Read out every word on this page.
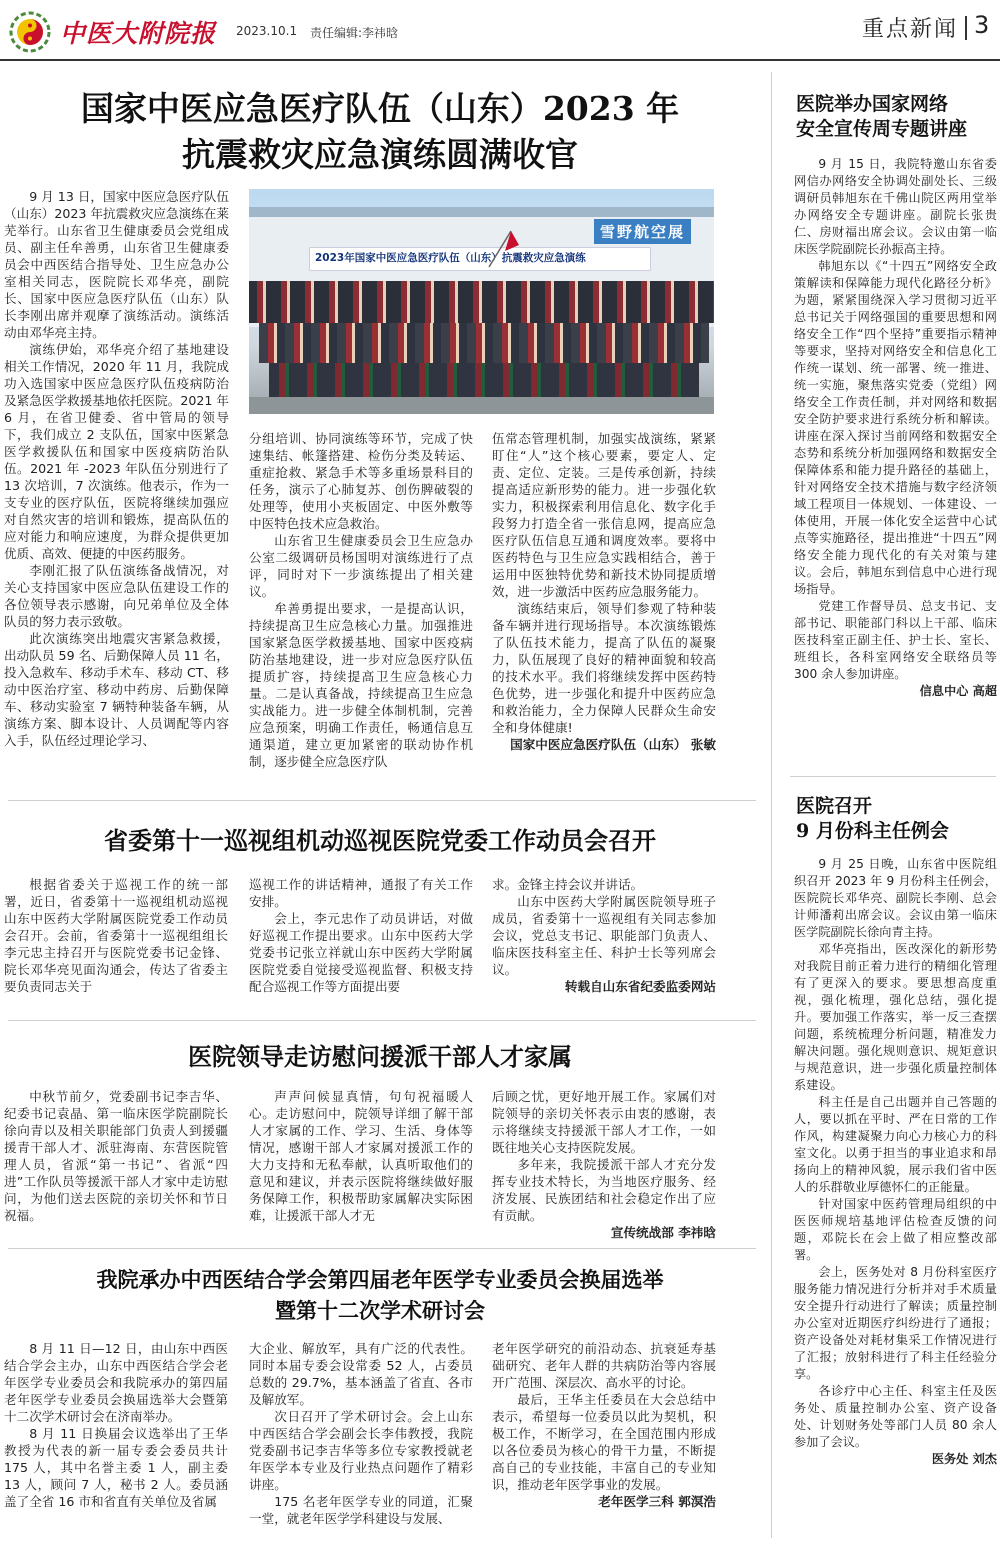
中医大附院报 2023.10.1 责任编辑:李祎晗	重点新闻 3
国家中医应急医疗队伍（山东）2023 年
抗震救灾应急演练圆满收官
雪野航空展
2023年国家中医应急医疗队伍（山东）抗震救灾应急演练

9 月 13 日，国家中医应急医疗队伍（山东）2023 年抗震救灾应急演练在莱芜举行。山东省卫生健康委员会党组成员、副主任牟善勇，山东省卫生健康委员会中西医结合指导处、卫生应急办公室相关同志，医院院长邓华亮，副院长、国家中医应急医疗队伍（山东）队长李刚出席并观摩了演练活动。演练活动由邓华亮主持。

演练伊始，邓华亮介绍了基地建设相关工作情况，2020 年 11 月，我院成功入选国家中医应急医疗队伍疫病防治及紧急医学救援基地依托医院。2021 年 6 月，在省卫健委、省中管局的领导下，我们成立 2 支队伍，国家中医紧急医学救援队伍和国家中医疫病防治队伍。2021 年 -2023 年队伍分别进行了 13 次培训，7 次演练。他表示，作为一支专业的医疗队伍，医院将继续加强应对自然灾害的培训和锻炼，提高队伍的应对能力和响应速度，为群众提供更加优质、高效、便捷的中医药服务。

李刚汇报了队伍演练备战情况，对关心支持国家中医应急队伍建设工作的各位领导表示感谢，向兄弟单位及全体队员的努力表示致敬。

此次演练突出地震灾害紧急救援，出动队员 59 名、后勤保障人员 11 名，投入急救车、移动手术车、移动 CT、移动中医治疗室、移动中药房、后勤保障车、移动实验室 7 辆特种装备车辆，从演练方案、脚本设计、人员调配等内容入手，队伍经过理论学习、

分组培训、协同演练等环节，完成了快速集结、帐篷搭建、检伤分类及转运、重症抢救、紧急手术等多重场景科目的任务，演示了心肺复苏、创伤脾破裂的处理等，使用小夹板固定、中医外敷等中医特色技术应急救治。

山东省卫生健康委员会卫生应急办公室二级调研员杨国明对演练进行了点评，同时对下一步演练提出了相关建议。

牟善勇提出要求，一是提高认识，持续提高卫生应急核心力量。加强推进国家紧急医学救援基地、国家中医疫病防治基地建设，进一步对应急医疗队伍提质扩容，持续提高卫生应急核心力量。二是认真备战，持续提高卫生应急实战能力。进一步健全体制机制，完善应急预案，明确工作责任，畅通信息互通渠道，建立更加紧密的联动协作机制，逐步健全应急医疗队

伍常态管理机制，加强实战演练，紧紧盯住“人”这个核心要素，要定人、定责、定位、定装。三是传承创新，持续提高适应新形势的能力。进一步强化软实力，积极探索利用信息化、数字化手段努力打造全省一张信息网，提高应急医疗队伍信息互通和调度效率。要将中医药特色与卫生应急实践相结合，善于运用中医独特优势和新技术协同提质增效，进一步激活中医药应急服务能力。

演练结束后，领导们参观了特种装备车辆并进行现场指导。本次演练锻炼了队伍技术能力，提高了队伍的凝聚力，队伍展现了良好的精神面貌和较高的技术水平。我们将继续发挥中医药特色优势，进一步强化和提升中医药应急和救治能力，全力保障人民群众生命安全和身体健康!

国家中医应急医疗队伍（山东） 张敏

省委第十一巡视组机动巡视医院党委工作动员会召开

根据省委关于巡视工作的统一部署，近日，省委第十一巡视组机动巡视山东中医药大学附属医院党委工作动员会召开。会前，省委第十一巡视组组长李元忠主持召开与医院党委书记金锋、院长邓华亮见面沟通会，传达了省委主要负责同志关于

巡视工作的讲话精神，通报了有关工作安排。

会上，李元忠作了动员讲话，对做好巡视工作提出要求。山东中医药大学党委书记张立祥就山东中医药大学附属医院党委自觉接受巡视监督、积极支持配合巡视工作等方面提出要

求。金锋主持会议并讲话。

山东中医药大学附属医院领导班子成员，省委第十一巡视组有关同志参加会议，党总支书记、职能部门负责人、临床医技科室主任、科护士长等列席会议。

转载自山东省纪委监委网站

医院领导走访慰问援派干部人才家属

中秋节前夕，党委副书记李吉华、纪委书记袁晶、第一临床医学院副院长徐向青以及相关职能部门负责人到援疆援青干部人才、派驻海南、东营医院管理人员，省派“第一书记”、省派“四进”工作队员等援派干部人才家中走访慰问，为他们送去医院的亲切关怀和节日祝福。

声声问候显真情，句句祝福暖人心。走访慰问中，院领导详细了解干部人才家属的工作、学习、生活、身体等情况，感谢干部人才家属对援派工作的大力支持和无私奉献，认真听取他们的意见和建议，并表示医院将继续做好服务保障工作，积极帮助家属解决实际困难，让援派干部人才无

后顾之忧，更好地开展工作。家属们对院领导的亲切关怀表示由衷的感谢，表示将继续支持援派干部人才工作，一如既往地关心支持医院发展。

多年来，我院援派干部人才充分发挥专业技术特长，为当地医疗服务、经济发展、民族团结和社会稳定作出了应有贡献。

宣传统战部 李祎晗

我院承办中西医结合学会第四届老年医学专业委员会换届选举
暨第十二次学术研讨会

8 月 11 日—12 日，由山东中西医结合学会主办，山东中西医结合学会老年医学专业委员会和我院承办的第四届老年医学专业委员会换届选举大会暨第十二次学术研讨会在济南举办。

8 月 11 日换届会议选举出了王华教授为代表的新一届专委会委员共计 175 人，其中名誉主委 1 人，副主委 13 人，顾问 7 人，秘书 2 人。委员涵盖了全省 16 市和省直有关单位及省属

大企业、解放军，具有广泛的代表性。同时本届专委会设常委 52 人，占委员总数的 29.7%，基本涵盖了省直、各市及解放军。

次日召开了学术研讨会。会上山东中西医结合学会副会长李伟教授，我院党委副书记李吉华等多位专家教授就老年医学本专业及行业热点问题作了精彩讲座。

175 名老年医学专业的同道，汇聚一堂，就老年医学学科建设与发展、

老年医学研究的前沿动态、抗衰延寿基础研究、老年人群的共病防治等内容展开广范围、深层次、高水平的讨论。

最后，王华主任委员在大会总结中表示，希望每一位委员以此为契机，积极工作，不断学习，在全国范围内形成以各位委员为核心的骨干力量，不断提高自己的专业技能，丰富自己的专业知识，推动老年医学事业的发展。

老年医学三科 郭溟浩

医院举办国家网络
安全宣传周专题讲座

9 月 15 日，我院特邀山东省委网信办网络安全协调处副处长、三级调研员韩旭东在千佛山院区两用堂举办网络安全专题讲座。副院长张贵仁、房财福出席会议。会议由第一临床医学院副院长孙振高主持。

韩旭东以《“十四五”网络安全政策解读和保障能力现代化路径分析》为题，紧紧围绕深入学习贯彻习近平总书记关于网络强国的重要思想和网络安全工作“四个坚持”重要指示精神等要求，坚持对网络安全和信息化工作统一谋划、统一部署、统一推进、统一实施，聚焦落实党委（党组）网络安全工作责任制，并对网络和数据安全防护要求进行系统分析和解读。讲座在深入探讨当前网络和数据安全态势和系统分析加强网络和数据安全保障体系和能力提升路径的基础上，针对网络安全技术措施与数字经济领域工程项目一体规划、一体建设、一体使用，开展一体化安全运营中心试点等实施路径，提出推进“十四五”网络安全能力现代化的有关对策与建议。会后，韩旭东到信息中心进行现场指导。

党建工作督导员、总支书记、支部书记、职能部门科以上干部、临床医技科室正副主任、护士长、室长、班组长，各科室网络安全联络员等 300 余人参加讲座。

信息中心 高超

医院召开
9 月份科主任例会

9 月 25 日晚，山东省中医院组织召开 2023 年 9 月份科主任例会，医院院长邓华亮、副院长李刚、总会计师潘莉出席会议。会议由第一临床医学院副院长徐向青主持。

邓华亮指出，医改深化的新形势对我院目前正着力进行的精细化管理有了更深入的要求。要思想高度重视，强化梳理，强化总结，强化提升。要加强工作落实，举一反三查摆问题，系统梳理分析问题，精准发力解决问题。强化规则意识、规矩意识与规范意识，进一步强化质量控制体系建设。

科主任是自己出题并自己答题的人，要以抓在平时、严在日常的工作作风，构建凝聚力向心力核心力的科室文化。以勇于担当的事业追求和昂扬向上的精神风貌，展示我们省中医人的乐群敬业厚德怀仁的正能量。

针对国家中医药管理局组织的中医医师规培基地评估检查反馈的问题，邓院长在会上做了相应整改部署。

会上，医务处对 8 月份科室医疗服务能力情况进行分析并对手术质量安全提升行动进行了解读；质量控制办公室对近期医疗纠纷进行了通报；资产设备处对耗材集采工作情况进行了汇报；放射科进行了科主任经验分享。

各诊疗中心主任、科室主任及医务处、质量控制办公室、资产设备处、计划财务处等部门人员 80 余人参加了会议。

医务处 刘杰
